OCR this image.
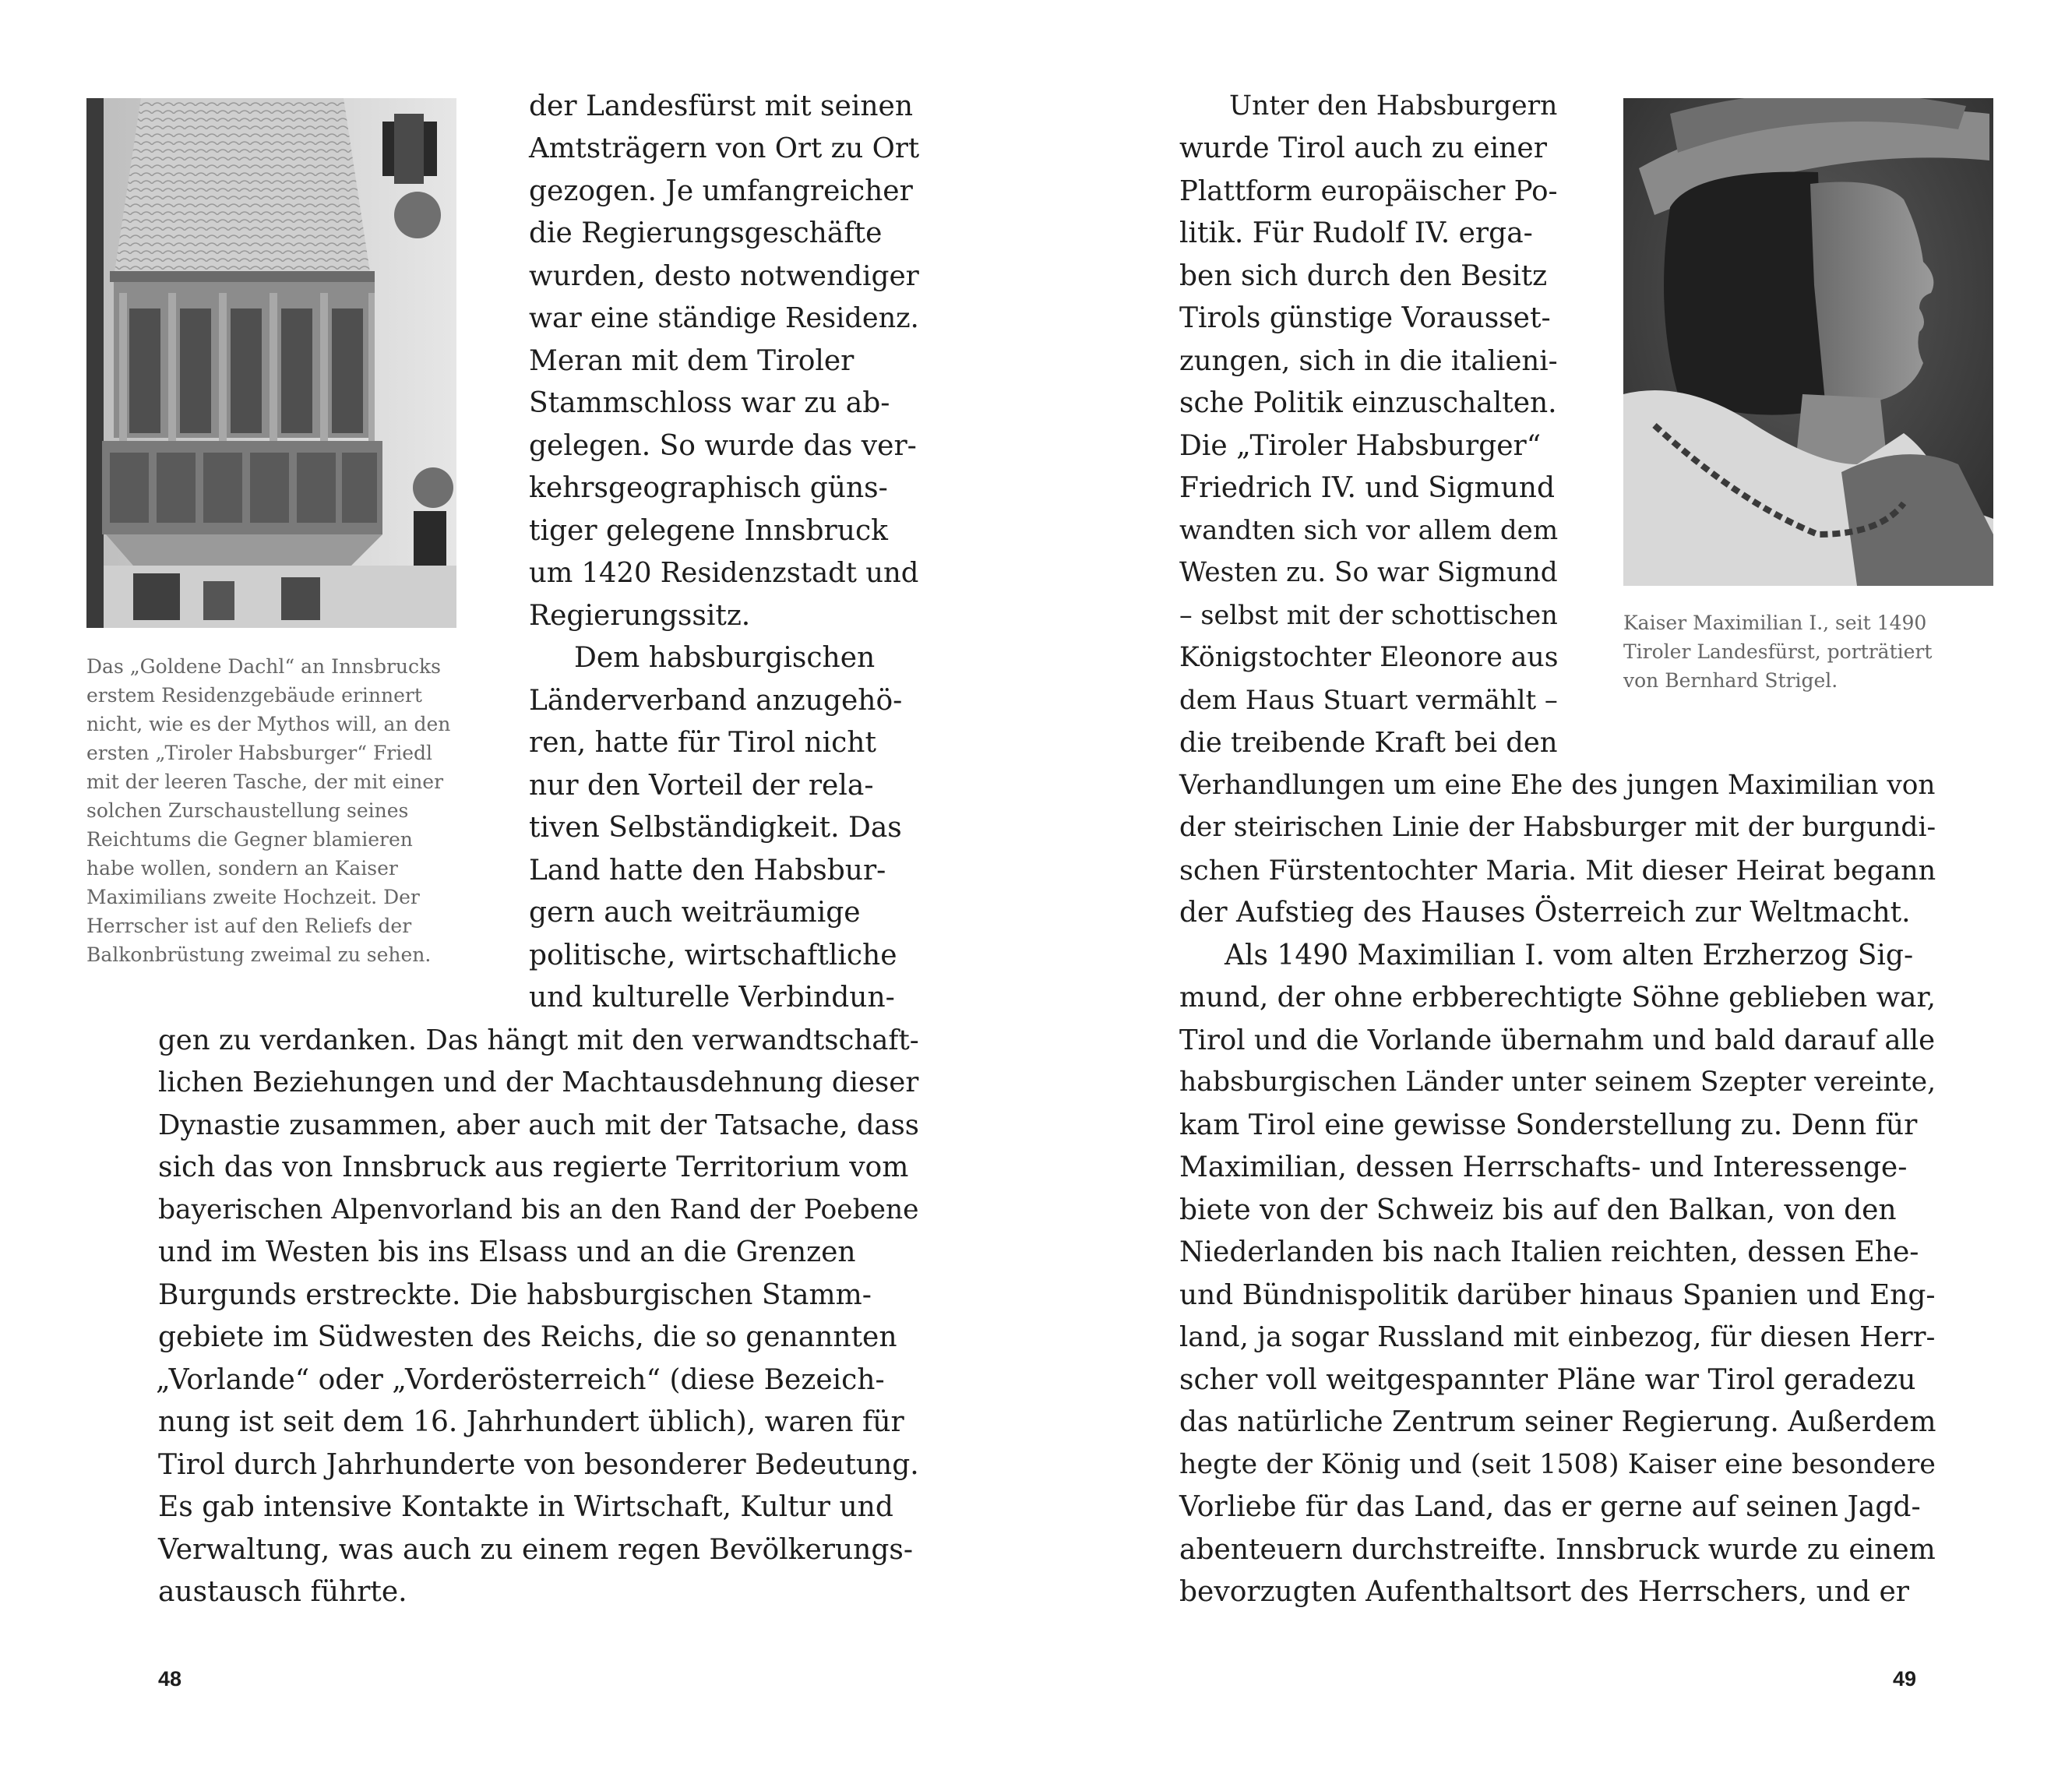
Das „Goldene Dachl“ an Innsbrucks

erstem Residenzgebäude erinnert

nicht, wie es der Mythos will, an den

ersten „Tiroler Habsburger“ Friedl

mit der leeren Tasche, der mit einer

solchen Zurschaustellung seines

Reichtums die Gegner blamieren

habe wollen, sondern an Kaiser

Maximilians zweite Hochzeit. Der

Herrscher ist auf den Reliefs der

Balkonbrüstung zweimal zu sehen.

der Landesfürst mit seinen

Amtsträgern von Ort zu Ort

gezogen. Je umfangreicher

die Regierungsgeschäfte

wurden, desto notwendiger

war eine ständige Residenz.

Meran mit dem Tiroler

Stammschloss war zu ab-

gelegen. So wurde das ver-

kehrsgeographisch güns-

tiger gelegene Innsbruck

um 1420 Residenzstadt und

Regierungssitz.

Dem habsburgischen

Länderverband anzugehö-

ren, hatte für Tirol nicht

nur den Vorteil der rela-

tiven Selbständigkeit. Das

Land hatte den Habsbur-

gern auch weiträumige

politische, wirtschaftliche

und kulturelle Verbindun-

gen zu verdanken. Das hängt mit den verwandtschaft-

lichen Beziehungen und der Machtausdehnung dieser

Dynastie zusammen, aber auch mit der Tatsache, dass

sich das von Innsbruck aus regierte Territorium vom

bayerischen Alpenvorland bis an den Rand der Poebene

und im Westen bis ins Elsass und an die Grenzen

Burgunds erstreckte. Die habsburgischen Stamm-

gebiete im Südwesten des Reichs, die so genannten

„Vorlande“ oder „Vorderösterreich“ (diese Bezeich-

nung ist seit dem 16. Jahrhundert üblich), waren für

Tirol durch Jahrhunderte von besonderer Bedeutung.

Es gab intensive Kontakte in Wirtschaft, Kultur und

Verwaltung, was auch zu einem regen Bevölkerungs-

austausch führte.

48

Kaiser Maximilian I., seit 1490

Tiroler Landesfürst, porträtiert

von Bernhard Strigel.

Unter den Habsburgern

wurde Tirol auch zu einer

Plattform europäischer Po-

litik. Für Rudolf IV. erga-

ben sich durch den Besitz

Tirols günstige Vorausset-

zungen, sich in die italieni-

sche Politik einzuschalten.

Die „Tiroler Habsburger“

Friedrich IV. und Sigmund

wandten sich vor allem dem

Westen zu. So war Sigmund

– selbst mit der schottischen

Königstochter Eleonore aus

dem Haus Stuart vermählt –

die treibende Kraft bei den

Verhandlungen um eine Ehe des jungen Maximilian von

der steirischen Linie der Habsburger mit der burgundi-

schen Fürstentochter Maria. Mit dieser Heirat begann

der Aufstieg des Hauses Österreich zur Weltmacht.

Als 1490 Maximilian I. vom alten Erzherzog Sig-

mund, der ohne erbberechtigte Söhne geblieben war,

Tirol und die Vorlande übernahm und bald darauf alle

habsburgischen Länder unter seinem Szepter vereinte,

kam Tirol eine gewisse Sonderstellung zu. Denn für

Maximilian, dessen Herrschafts- und Interessenge-

biete von der Schweiz bis auf den Balkan, von den

Niederlanden bis nach Italien reichten, dessen Ehe-

und Bündnispolitik darüber hinaus Spanien und Eng-

land, ja sogar Russland mit einbezog, für diesen Herr-

scher voll weitgespannter Pläne war Tirol geradezu

das natürliche Zentrum seiner Regierung. Außerdem

hegte der König und (seit 1508) Kaiser eine besondere

Vorliebe für das Land, das er gerne auf seinen Jagd-

abenteuern durchstreifte. Innsbruck wurde zu einem

bevorzugten Aufenthaltsort des Herrschers, und er

49
